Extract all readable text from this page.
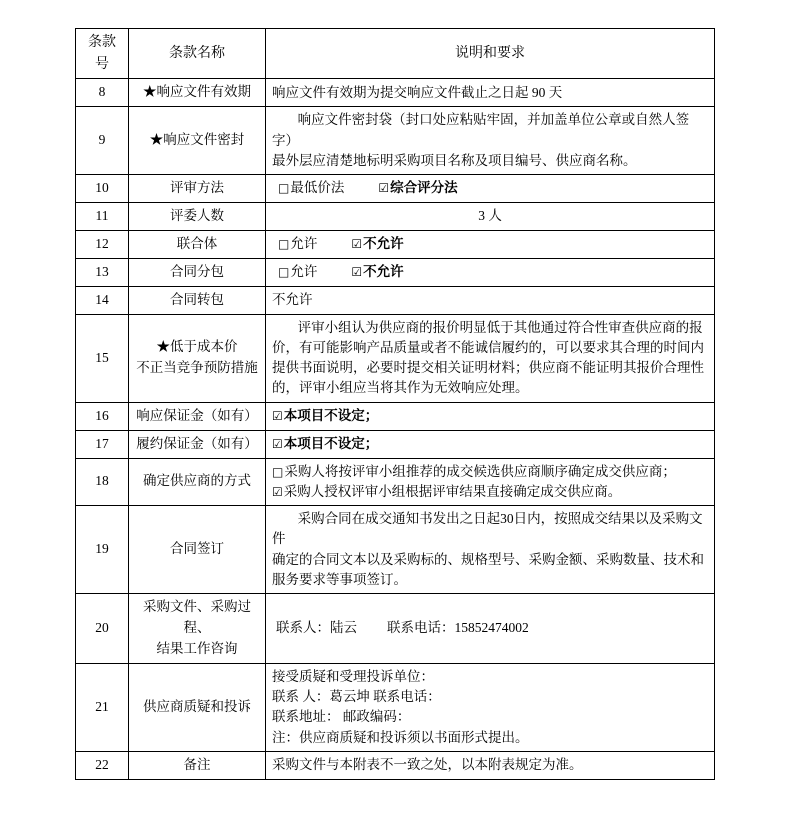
条款号	条款名称	说明和要求
8	★响应文件有效期	响应文件有效期为提交响应文件截止之日起 90 天

9	★响应文件密封	响应文件密封袋（封口处应粘贴牢固，并加盖单位公章或自然人签字）
最外层应清楚地标明采购项目名称及项目编号、供应商名称。

10	评审方法	□最低价法 ☑综合评分法

11	评委人数	3 人

12	联合体	□允许 ☑不允许

13	合同分包	□允许 ☑不允许

14	合同转包	不允许

15	★低于成本价
不正当竞争预防措施	评审小组认为供应商的报价明显低于其他通过符合性审查供应商的报
价，有可能影响产品质量或者不能诚信履约的，可以要求其合理的时间内
提供书面说明，必要时提交相关证明材料；供应商不能证明其报价合理性
的，评审小组应当将其作为无效响应处理。

16	响应保证金（如有）	☑本项目不设定；

17	履约保证金（如有）	☑本项目不设定；

18	确定供应商的方式	□采购人将按评审小组推荐的成交候选供应商顺序确定成交供应商；
☑采购人授权评审小组根据评审结果直接确定成交供应商。

19	合同签订	采购合同在成交通知书发出之日起30日内，按照成交结果以及采购文件
确定的合同文本以及采购标的、规格型号、采购金额、采购数量、技术和
服务要求等事项签订。

20	采购文件、采购过程、
结果工作咨询	联系人：陆云 联系电话：15852474002

21	供应商质疑和投诉	接受质疑和受理投诉单位：
联系 人：葛云坤 联系电话：
联系地址： 邮政编码：
注：供应商质疑和投诉须以书面形式提出。

22	备注	采购文件与本附表不一致之处，以本附表规定为准。
